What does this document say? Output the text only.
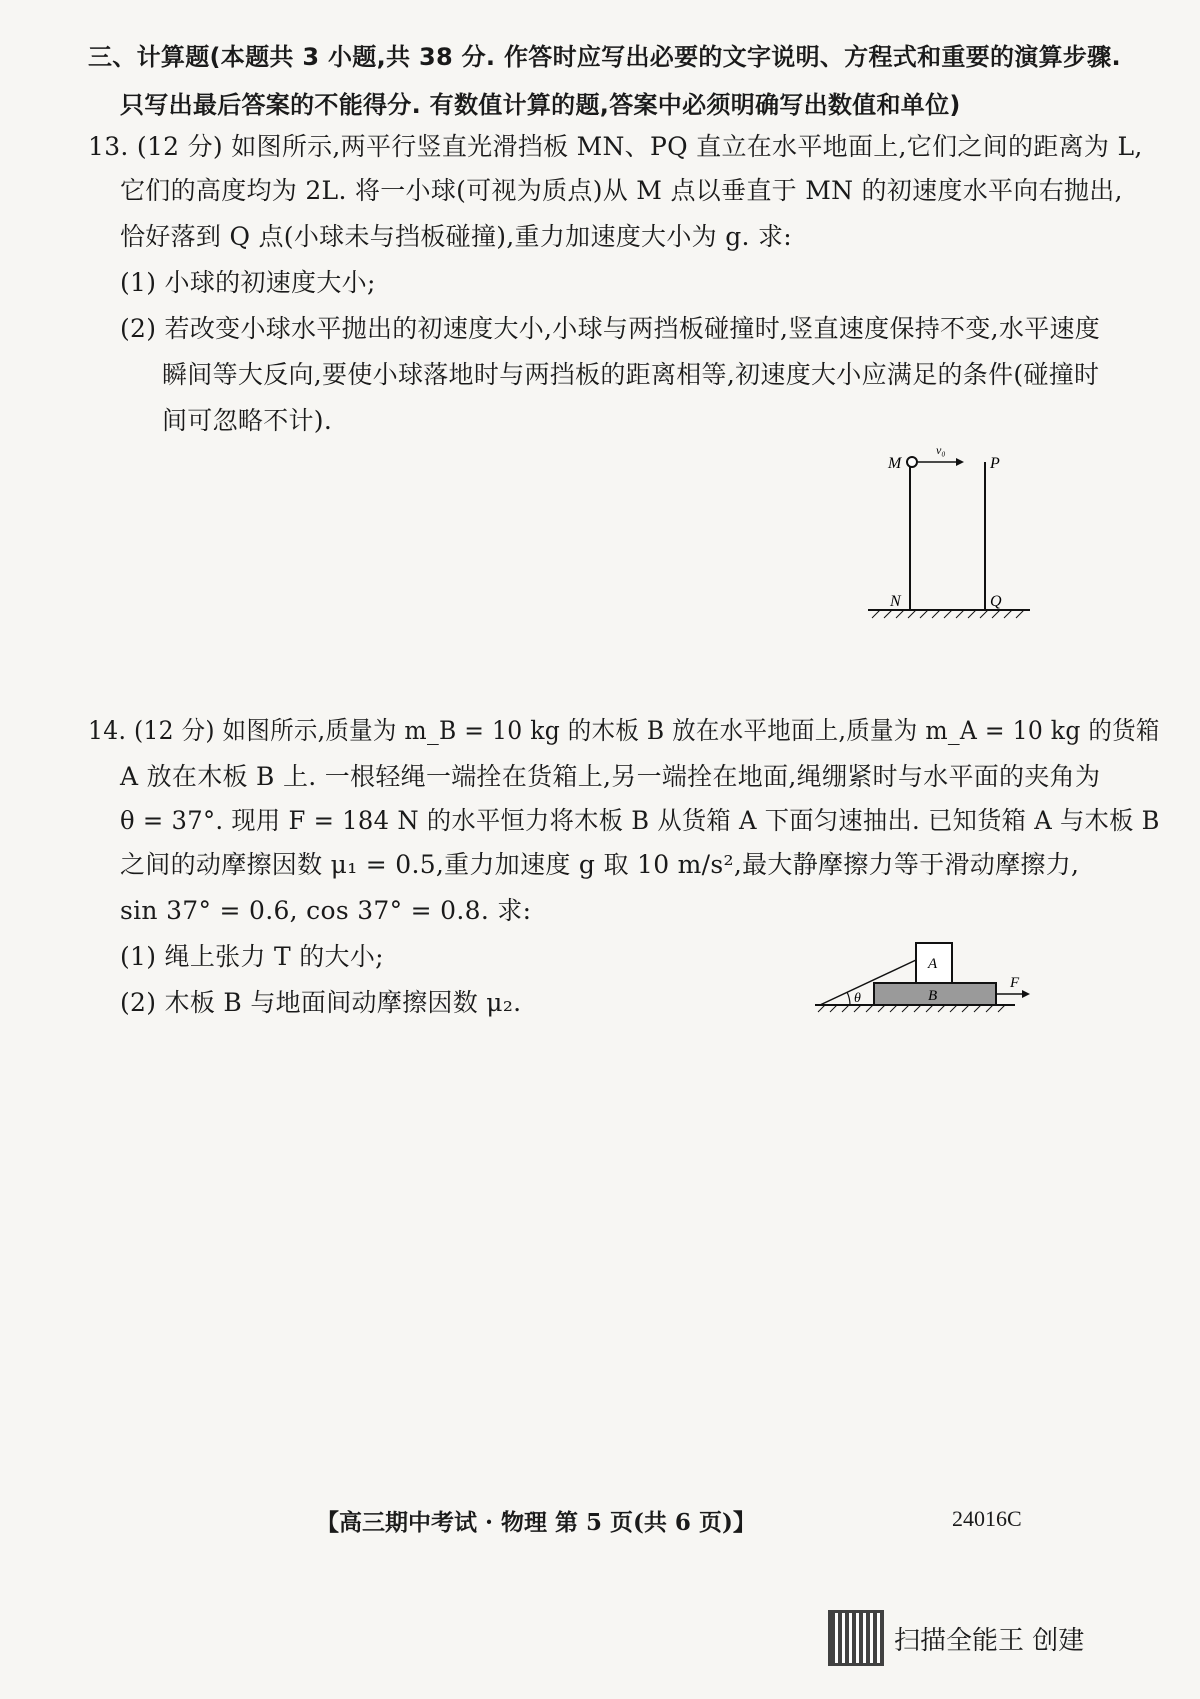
三、计算题(本题共 3 小题,共 38 分. 作答时应写出必要的文字说明、方程式和重要的演算步骤.
只写出最后答案的不能得分. 有数值计算的题,答案中必须明确写出数值和单位)
13. (12 分) 如图所示,两平行竖直光滑挡板 MN、PQ 直立在水平地面上,它们之间的距离为 L,
它们的高度均为 2L. 将一小球(可视为质点)从 M 点以垂直于 MN 的初速度水平向右抛出,
恰好落到 Q 点(小球未与挡板碰撞),重力加速度大小为 g. 求:
(1) 小球的初速度大小;
(2) 若改变小球水平抛出的初速度大小,小球与两挡板碰撞时,竖直速度保持不变,水平速度
瞬间等大反向,要使小球落地时与两挡板的距离相等,初速度大小应满足的条件(碰撞时
间可忽略不计).
M
v₀
P
N	Q
14. (12 分) 如图所示,质量为 m_B = 10 kg 的木板 B 放在水平地面上,质量为 m_A = 10 kg 的货箱
A 放在木板 B 上. 一根轻绳一端拴在货箱上,另一端拴在地面,绳绷紧时与水平面的夹角为
θ = 37°. 现用 F = 184 N 的水平恒力将木板 B 从货箱 A 下面匀速抽出. 已知货箱 A 与木板 B
之间的动摩擦因数 μ₁ = 0.5,重力加速度 g 取 10 m/s²,最大静摩擦力等于滑动摩擦力,
sin 37° = 0.6, cos 37° = 0.8. 求:
(1) 绳上张力 T 的大小;
(2) 木板 B 与地面间动摩擦因数 μ₂.
A
B
F
θ
【高三期中考试 · 物理 第 5 页(共 6 页)】	24016C
扫描全能王 创建
